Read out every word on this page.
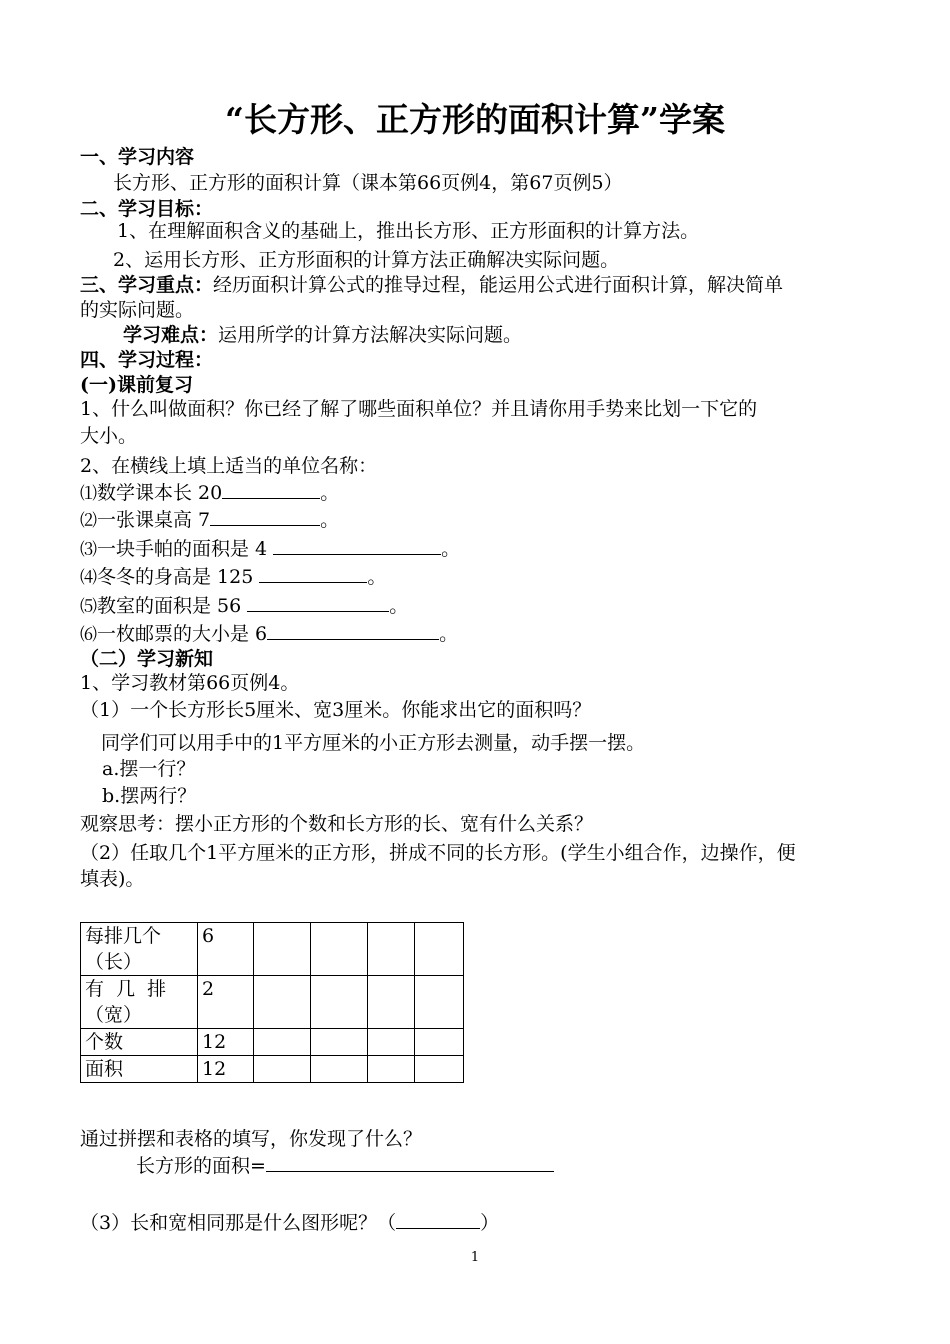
“长方形、正方形的面积计算”学案
一、学习内容
长方形、正方形的面积计算（课本第66页例4，第67页例5）
二、学习目标：
1、在理解面积含义的基础上，推出长方形、正方形面积的计算方法。
2、运用长方形、正方形面积的计算方法正确解决实际问题。
三、学习重点：经历面积计算公式的推导过程，能运用公式进行面积计算，解决简单
的实际问题。
学习难点：运用所学的计算方法解决实际问题。
四、学习过程：
(一)课前复习
1、什么叫做面积？你已经了解了哪些面积单位？并且请你用手势来比划一下它的
大小。
2、在横线上填上适当的单位名称：
⑴数学课本长 20	。
⑵一张课桌高 7	。
⑶一块手帕的面积是 4	。
⑷冬冬的身高是 125	。
⑸教室的面积是 56	。
⑹一枚邮票的大小是 6	。
（二）学习新知
1、学习教材第66页例4。
（1）一个长方形长5厘米、宽3厘米。你能求出它的面积吗？
同学们可以用手中的1平方厘米的小正方形去测量，动手摆一摆。
a.摆一行？
b.摆两行？
观察思考：摆小正方形的个数和长方形的长、宽有什么关系？
（2）任取几个1平方厘米的正方形，拼成不同的长方形。(学生小组合作，边操作，便
填表)。
每排几个
（长）	6				

有  几  排
（宽）	2				
个数	12				
面积	12				
通过拼摆和表格的填写，你发现了什么？
长方形的面积=
（3）长和宽相同那是什么图形呢？（	）
1
